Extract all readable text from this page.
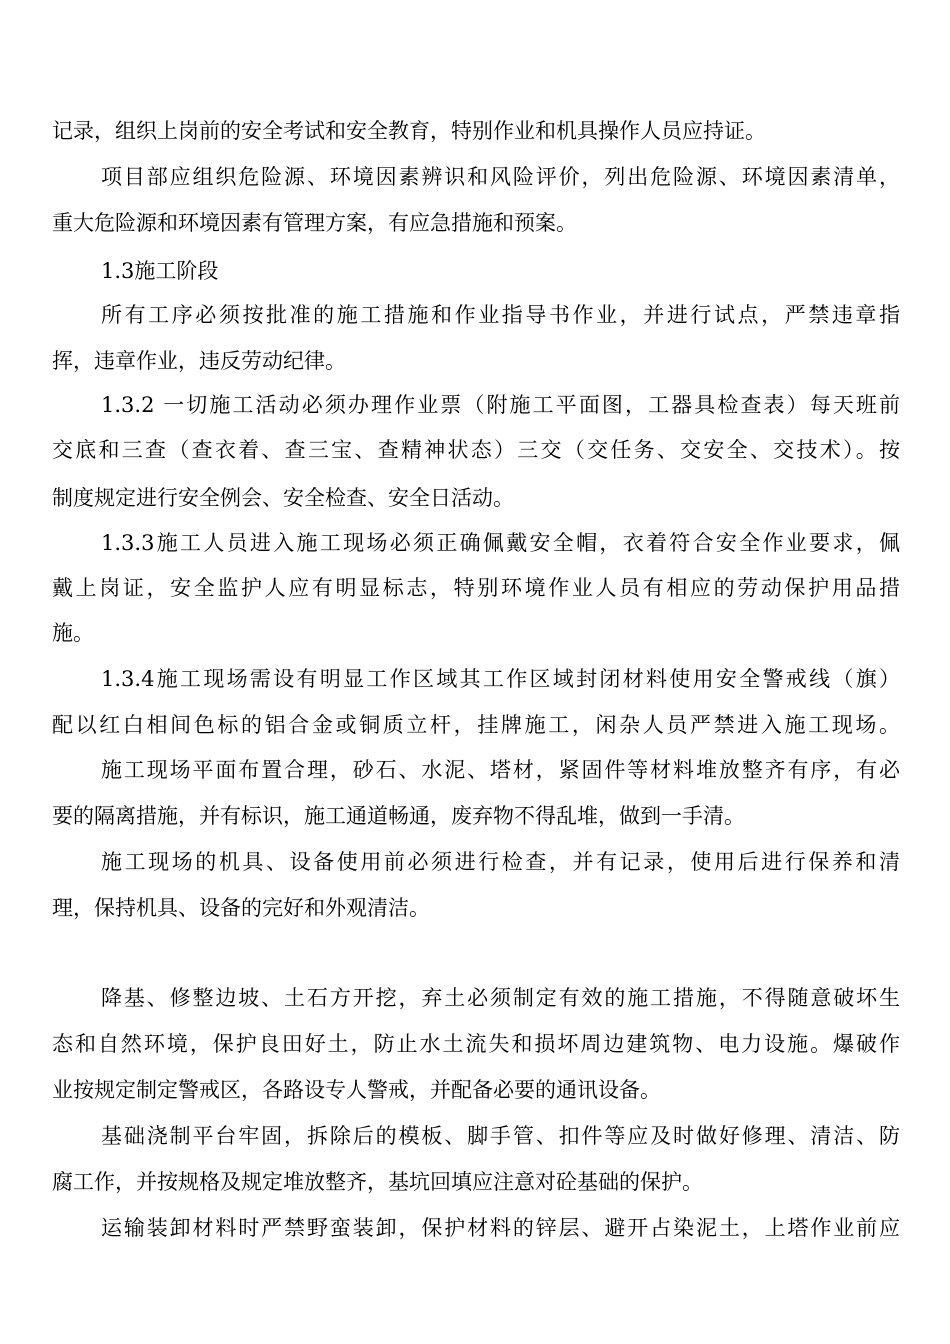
记录，组织上岗前的安全考试和安全教育，特别作业和机具操作人员应持证。

项目部应组织危险源、环境因素辨识和风险评价，列出危险源、环境因素清单，

重大危险源和环境因素有管理方案，有应急措施和预案。

1.3施工阶段

所有工序必须按批准的施工措施和作业指导书作业，并进行试点，严禁违章指

挥，违章作业，违反劳动纪律。

1.3.2 一切施工活动必须办理作业票（附施工平面图，工器具检查表）每天班前

交底和三查（查衣着、查三宝、查精神状态）三交（交任务、交安全、交技术）。按

制度规定进行安全例会、安全检查、安全日活动。

1.3.3施工人员进入施工现场必须正确佩戴安全帽，衣着符合安全作业要求，佩

戴上岗证，安全监护人应有明显标志，特别环境作业人员有相应的劳动保护用品措

施。

1.3.4施工现场需设有明显工作区域其工作区域封闭材料使用安全警戒线（旗）

配以红白相间色标的铝合金或铜质立杆，挂牌施工，闲杂人员严禁进入施工现场。

施工现场平面布置合理，砂石、水泥、塔材，紧固件等材料堆放整齐有序，有必

要的隔离措施，并有标识，施工通道畅通，废弃物不得乱堆，做到一手清。

施工现场的机具、设备使用前必须进行检查，并有记录，使用后进行保养和清

理，保持机具、设备的完好和外观清洁。

降基、修整边坡、土石方开挖，弃土必须制定有效的施工措施，不得随意破坏生

态和自然环境，保护良田好土，防止水土流失和损坏周边建筑物、电力设施。爆破作

业按规定制定警戒区，各路设专人警戒，并配备必要的通讯设备。

基础浇制平台牢固，拆除后的模板、脚手管、扣件等应及时做好修理、清洁、防

腐工作，并按规格及规定堆放整齐，基坑回填应注意对砼基础的保护。

运输装卸材料时严禁野蛮装卸，保护材料的锌层、避开占染泥土，上塔作业前应
